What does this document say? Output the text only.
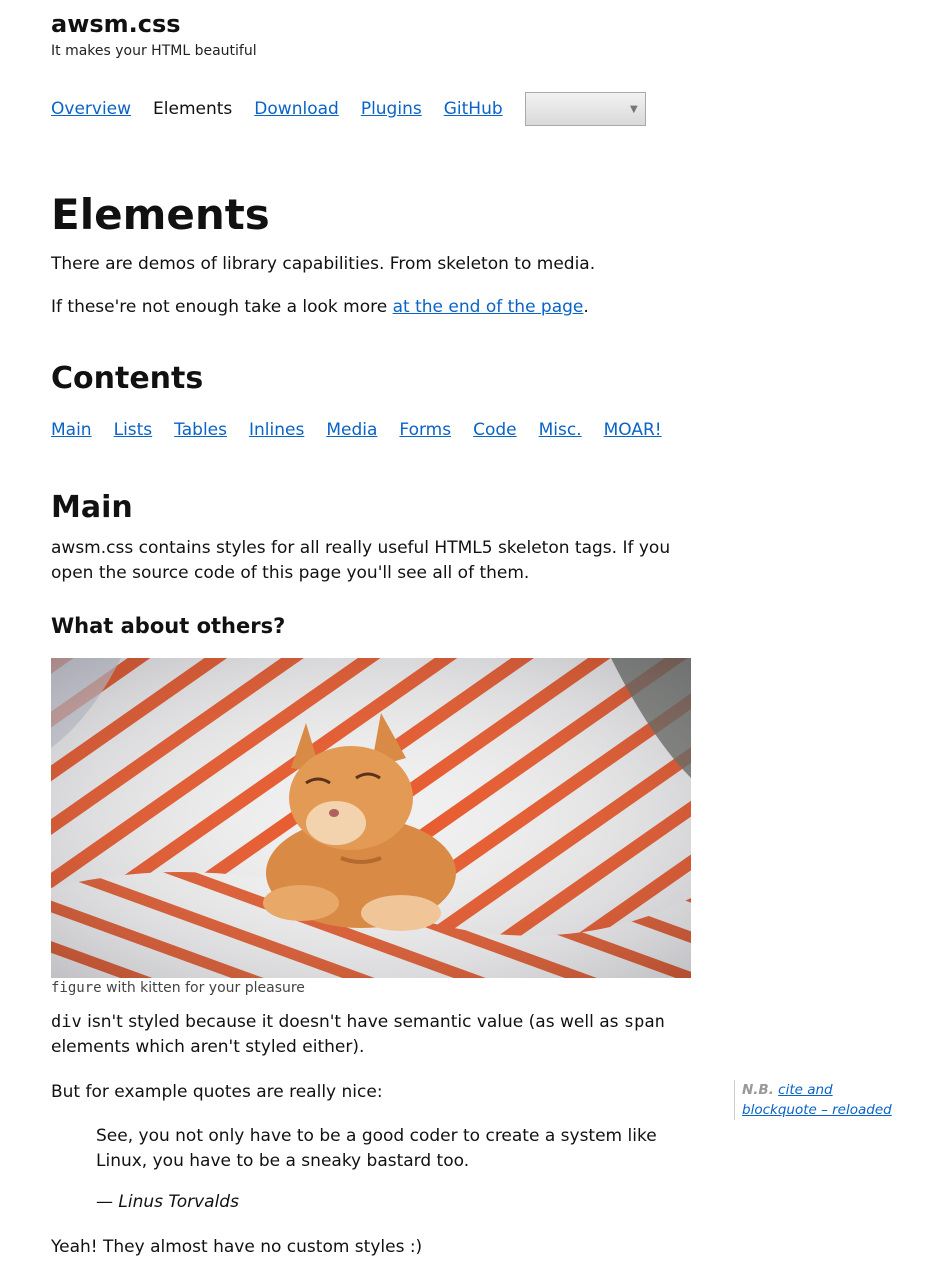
awsm.css
It makes your HTML beautiful
Overview Elements Download Plugins GitHub	▼
Elements

There are demos of library capabilities. From skeleton to media.

If these're not enough take a look more at the end of the page.

Contents
Main Lists Tables Inlines Media Forms Code Misc. MOAR!
Main

awsm.css contains styles for all really useful HTML5 skeleton tags. If you open the source code of this page you'll see all of them.

What about others?
figure with kitten for your pleasure

div isn't styled because it doesn't have semantic value (as well as span elements which aren't styled either).

But for example quotes are really nice:

See, you not only have to be a good coder to create a system like Linux, you have to be a sneaky bastard too.

— Linus Torvalds

Yeah! They almost have no custom styles :)

N.B. cite and blockquote – reloaded
